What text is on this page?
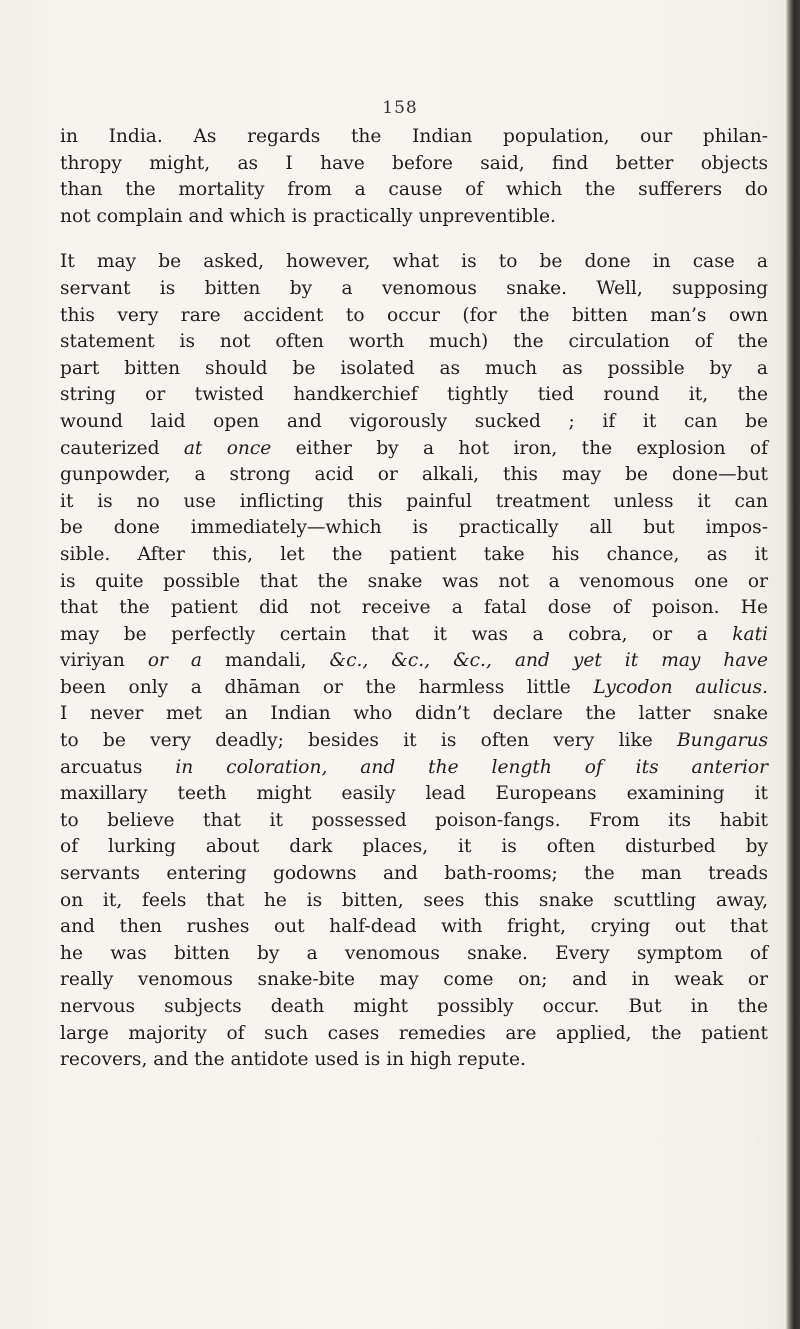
158
in India. As regards the Indian population, our philan-
thropy might, as I have before said, find better objects
than the mortality from a cause of which the sufferers do
not complain and which is practically unpreventible.
It may be asked, however, what is to be done in case a
servant is bitten by a venomous snake. Well, supposing
this very rare accident to occur (for the bitten man’s own
statement is not often worth much) the circulation of the
part bitten should be isolated as much as possible by a
string or twisted handkerchief tightly tied round it, the
wound laid open and vigorously sucked ; if it can be
cauterized at once either by a hot iron, the explosion of
gunpowder, a strong acid or alkali, this may be done—but
it is no use inflicting this painful treatment unless it can
be done immediately—which is practically all but impos-
sible. After this, let the patient take his chance, as it
is quite possible that the snake was not a venomous one or
that the patient did not receive a fatal dose of poison. He
may be perfectly certain that it was a cobra, or a kati
viriyan or a mandali, &c., &c., &c., and yet it may have
been only a dhāman or the harmless little Lycodon aulicus.
I never met an Indian who didn’t declare the latter snake
to be very deadly; besides it is often very like Bungarus
arcuatus in coloration, and the length of its anterior
maxillary teeth might easily lead Europeans examining it
to believe that it possessed poison-fangs. From its habit
of lurking about dark places, it is often disturbed by
servants entering godowns and bath-rooms; the man treads
on it, feels that he is bitten, sees this snake scuttling away,
and then rushes out half-dead with fright, crying out that
he was bitten by a venomous snake. Every symptom of
really venomous snake-bite may come on; and in weak or
nervous subjects death might possibly occur. But in the
large majority of such cases remedies are applied, the patient
recovers, and the antidote used is in high repute.
